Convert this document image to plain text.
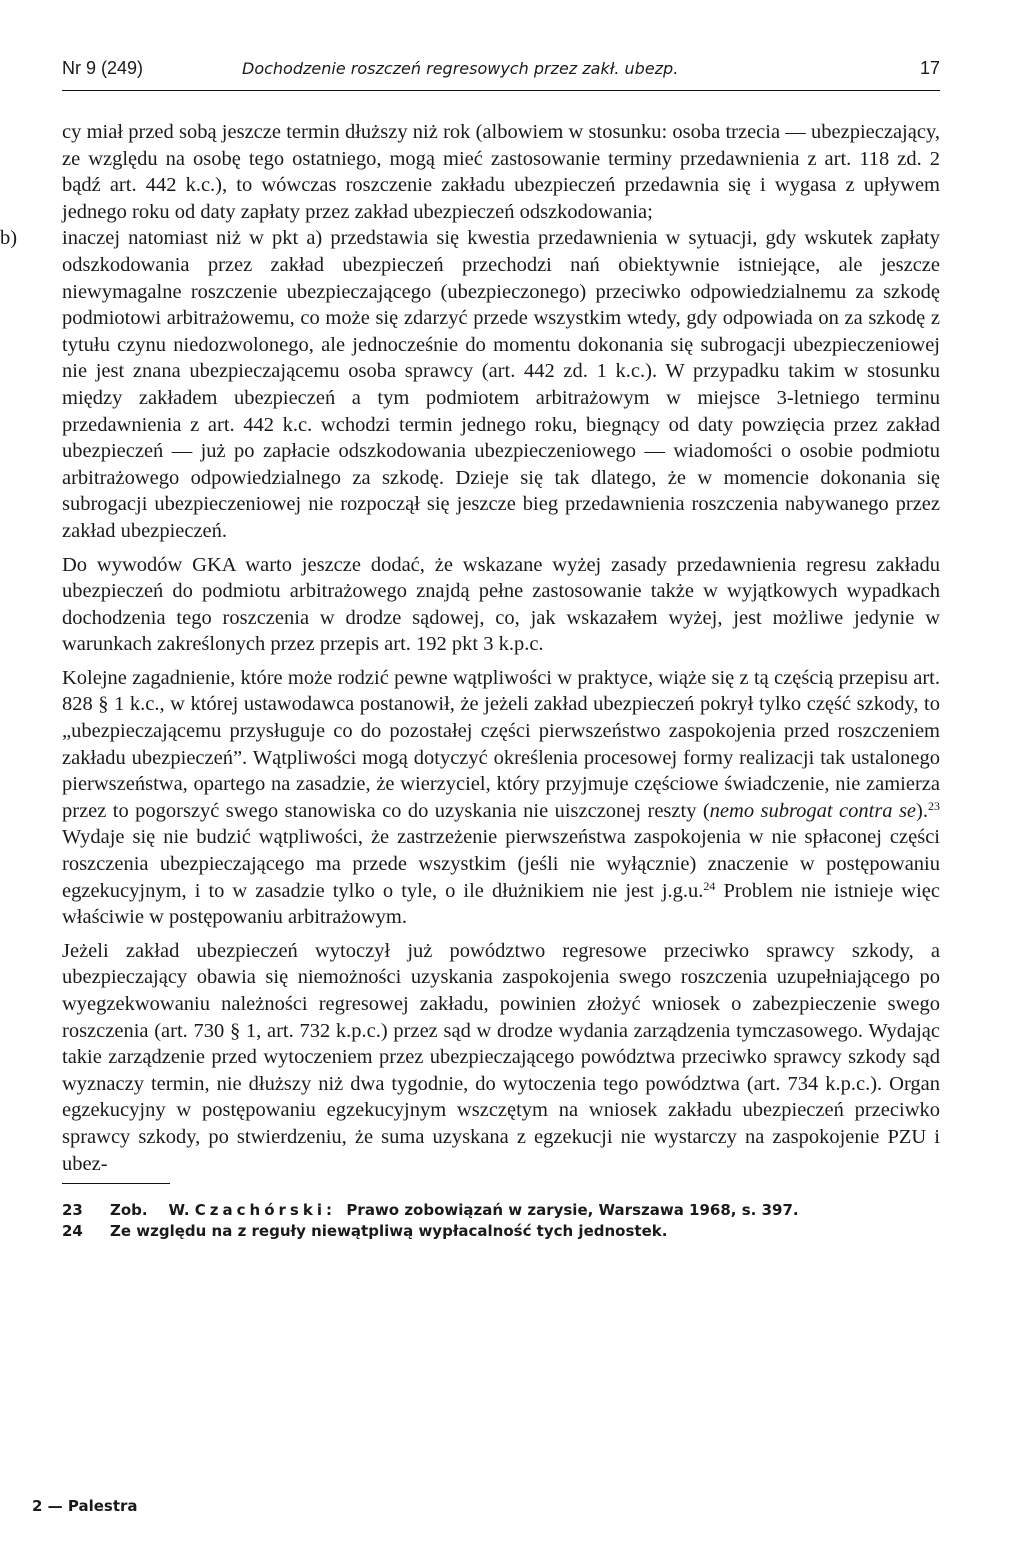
Nr 9 (249)	Dochodzenie roszczeń regresowych przez zakł. ubezp.	17

cy miał przed sobą jeszcze termin dłuższy niż rok (albowiem w stosunku: osoba trzecia — ubezpieczający, ze względu na osobę tego ostatniego, mogą mieć zastosowanie terminy przedawnienia z art. 118 zd. 2 bądź art. 442 k.c.), to wówczas roszczenie zakładu ubezpieczeń przedawnia się i wygasa z upływem jednego roku od daty zapłaty przez zakład ubezpieczeń odszkodowania;

b)	inaczej natomiast niż w pkt a) przedstawia się kwestia przedawnienia w sytuacji, gdy wskutek zapłaty odszkodowania przez zakład ubezpieczeń przechodzi nań obiektywnie istniejące, ale jeszcze niewymagalne roszczenie ubezpieczającego (ubezpieczonego) przeciwko odpowiedzialnemu za szkodę podmiotowi arbitrażowemu, co może się zdarzyć przede wszystkim wtedy, gdy odpowiada on za szkodę z tytułu czynu niedozwolonego, ale jednocześnie do momentu dokonania się subrogacji ubezpieczeniowej nie jest znana ubezpieczającemu osoba sprawcy (art. 442 zd. 1 k.c.). W przypadku takim w stosunku między zakładem ubezpieczeń a tym podmiotem arbitrażowym w miejsce 3-letniego terminu przedawnienia z art. 442 k.c. wchodzi termin jednego roku, biegnący od daty powzięcia przez zakład ubezpieczeń — już po zapłacie odszkodowania ubezpieczeniowego — wiadomości o osobie podmiotu arbitrażowego odpowiedzialnego za szkodę. Dzieje się tak dlatego, że w momencie dokonania się subrogacji ubezpieczeniowej nie rozpoczął się jeszcze bieg przedawnienia roszczenia nabywanego przez zakład ubezpieczeń.

Do wywodów GKA warto jeszcze dodać, że wskazane wyżej zasady przedawnienia regresu zakładu ubezpieczeń do podmiotu arbitrażowego znajdą pełne zastosowanie także w wyjątkowych wypadkach dochodzenia tego roszczenia w drodze sądowej, co, jak wskazałem wyżej, jest możliwe jedynie w warunkach zakreślonych przez przepis art. 192 pkt 3 k.p.c.

Kolejne zagadnienie, które może rodzić pewne wątpliwości w praktyce, wiąże się z tą częścią przepisu art. 828 § 1 k.c., w której ustawodawca postanowił, że jeżeli zakład ubezpieczeń pokrył tylko część szkody, to „ubezpieczającemu przysługuje co do pozostałej części pierwszeństwo zaspokojenia przed roszczeniem zakładu ubezpieczeń”. Wątpliwości mogą dotyczyć określenia procesowej formy realizacji tak ustalonego pierwszeństwa, opartego na zasadzie, że wierzyciel, który przyjmuje częściowe świadczenie, nie zamierza przez to pogorszyć swego stanowiska co do uzyskania nie uiszczonej reszty (nemo subrogat contra se).$^{23}$ Wydaje się nie budzić wątpliwości, że zastrzeżenie pierwszeństwa zaspokojenia w nie spłaconej części roszczenia ubezpieczającego ma przede wszystkim (jeśli nie wyłącznie) znaczenie w postępowaniu egzekucyjnym, i to w zasadzie tylko o tyle, o ile dłużnikiem nie jest j.g.u.$^{24}$ Problem nie istnieje więc właściwie w postępowaniu arbitrażowym.

Jeżeli zakład ubezpieczeń wytoczył już powództwo regresowe przeciwko sprawcy szkody, a ubezpieczający obawia się niemożności uzyskania zaspokojenia swego roszczenia uzupełniającego po wyegzekwowaniu należności regresowej zakładu, powinien złożyć wniosek o zabezpieczenie swego roszczenia (art. 730 § 1, art. 732 k.p.c.) przez sąd w drodze wydania zarządzenia tymczasowego. Wydając takie zarządzenie przed wytoczeniem przez ubezpieczającego powództwa przeciwko sprawcy szkody sąd wyznaczy termin, nie dłuższy niż dwa tygodnie, do wytoczenia tego powództwa (art. 734 k.p.c.). Organ egzekucyjny w postępowaniu egzekucyjnym wszczętym na wniosek zakładu ubezpieczeń przeciwko sprawcy szkody, po stwierdzeniu, że suma uzyskana z egzekucji nie wystarczy na zaspokojenie PZU i ubez-

23	Zob. W. Czachórski: Prawo zobowiązań w zarysie, Warszawa 1968, s. 397.
24	Ze względu na z reguły niewątpliwą wypłacalność tych jednostek.
2 — Palestra
